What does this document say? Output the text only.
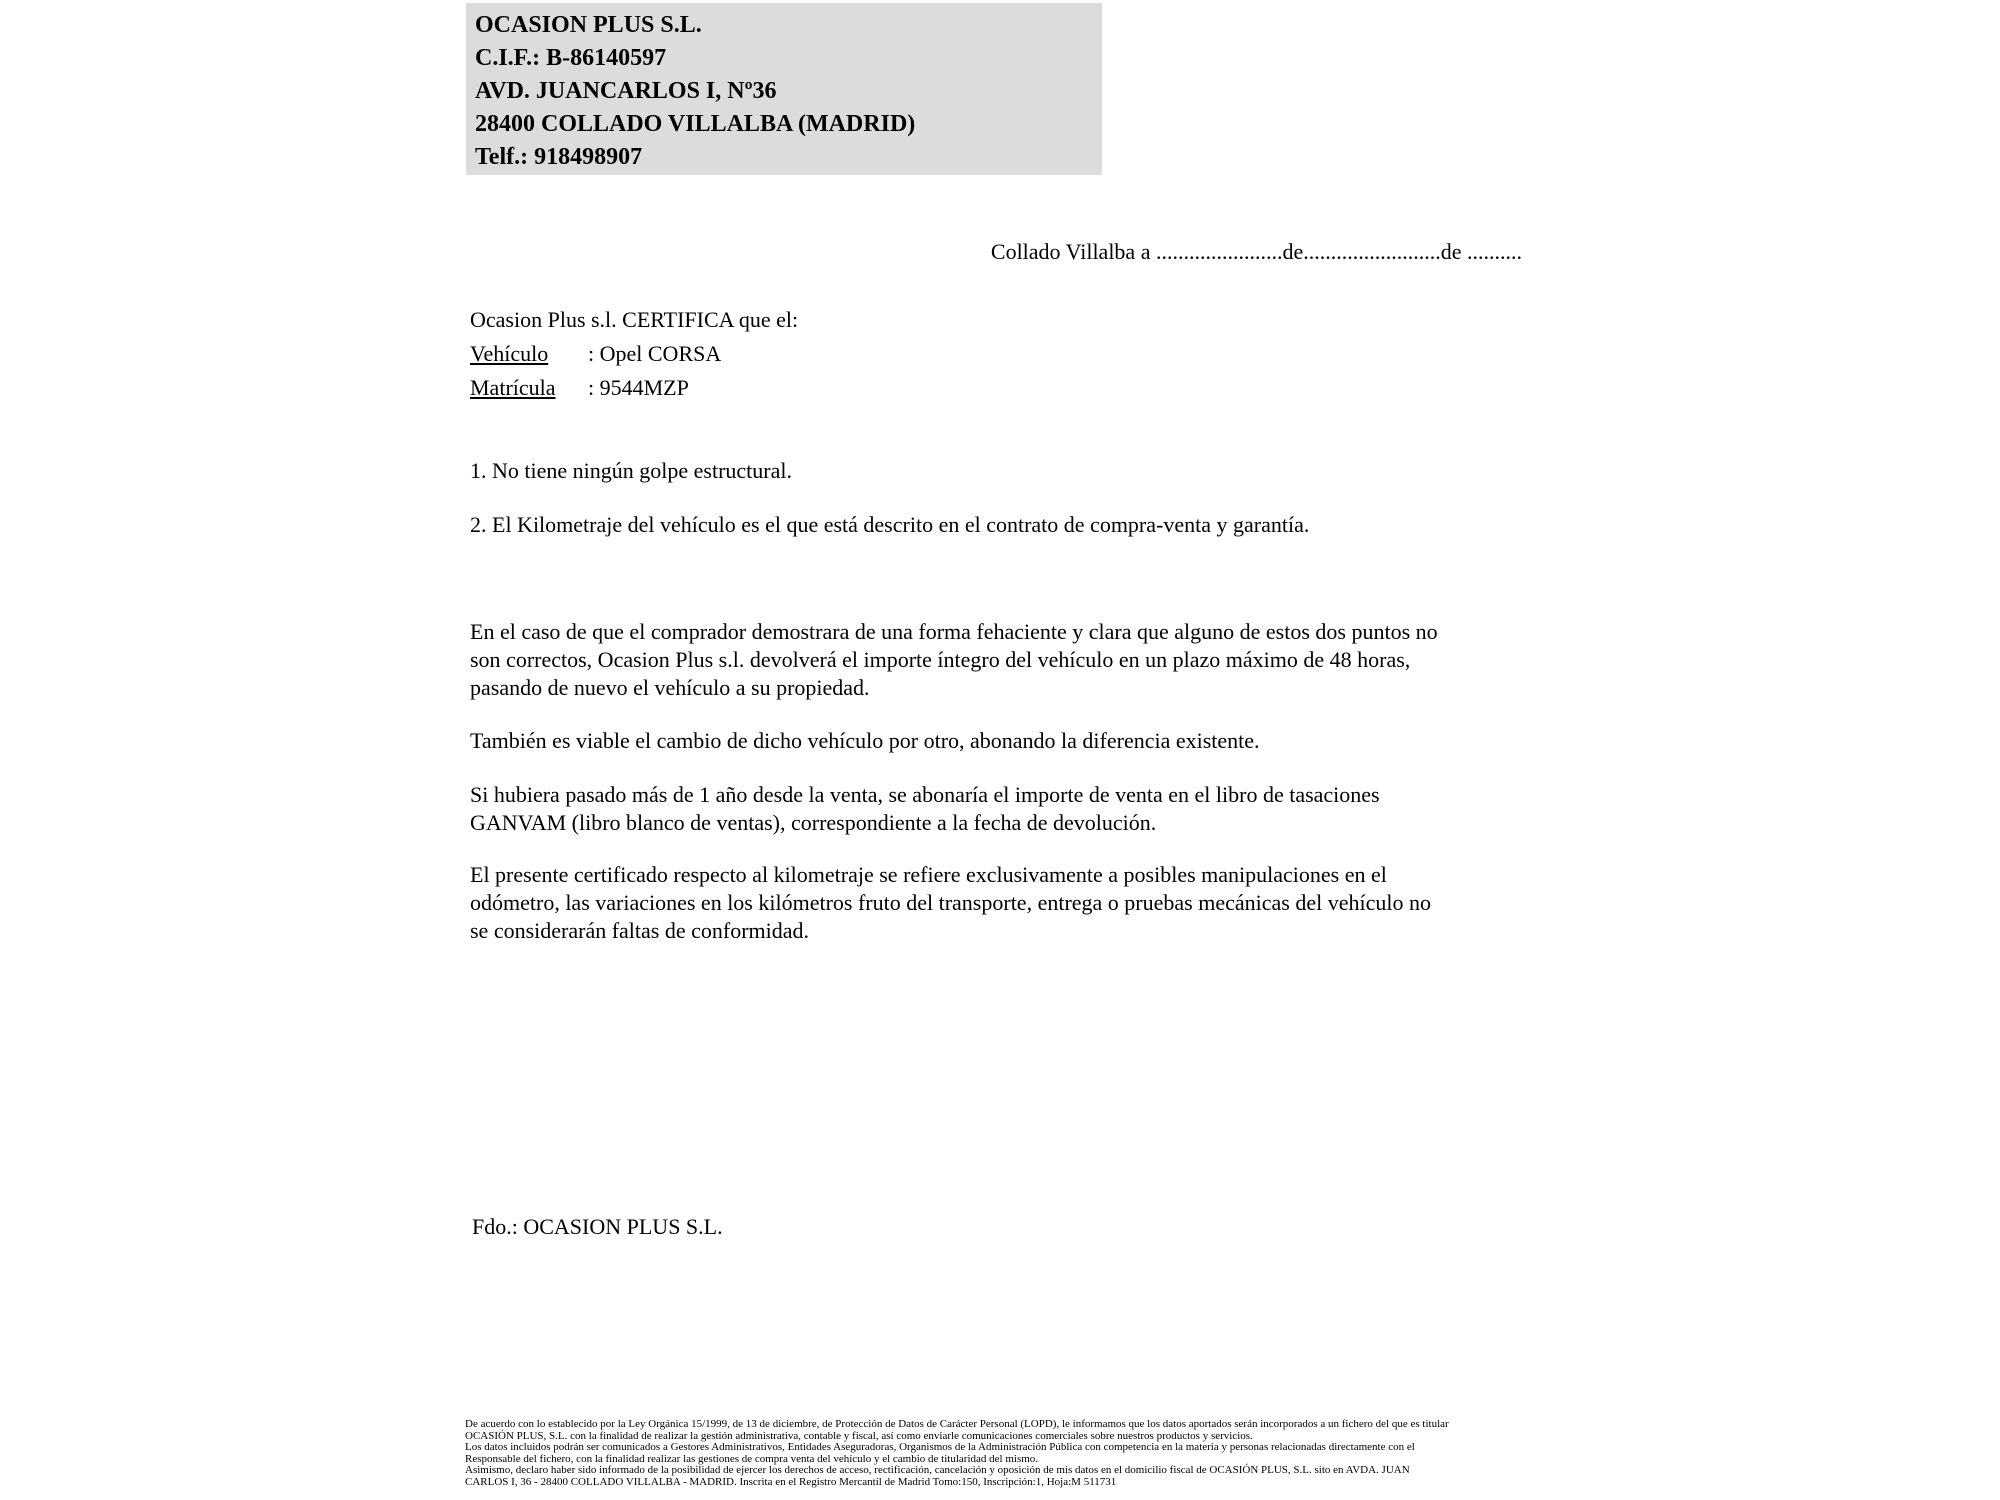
OCASION PLUS S.L.
C.I.F.: B-86140597
AVD. JUANCARLOS I, Nº36
28400 COLLADO VILLALBA (MADRID)
Telf.: 918498907
Collado Villalba a .......................de.........................de ..........
Ocasion Plus s.l. CERTIFICA que el:
Vehículo : Opel CORSA
Matrícula : 9544MZP
1. No tiene ningún golpe estructural.
2. El Kilometraje del vehículo es el que está descrito en el contrato de compra-venta y garantía.
En el caso de que el comprador demostrara de una forma fehaciente y clara que alguno de estos dos puntos no
son correctos, Ocasion Plus s.l. devolverá el importe íntegro del vehículo en un plazo máximo de 48 horas,
pasando de nuevo el vehículo a su propiedad.
También es viable el cambio de dicho vehículo por otro, abonando la diferencia existente.
Si hubiera pasado más de 1 año desde la venta, se abonaría el importe de venta en el libro de tasaciones
GANVAM (libro blanco de ventas), correspondiente a la fecha de devolución.
El presente certificado respecto al kilometraje se refiere exclusivamente a posibles manipulaciones en el
odómetro, las variaciones en los kilómetros fruto del transporte, entrega o pruebas mecánicas del vehículo no
se considerarán faltas de conformidad.
Fdo.: OCASION PLUS S.L.
De acuerdo con lo establecido por la Ley Orgánica 15/1999, de 13 de diciembre, de Protección de Datos de Carácter Personal (LOPD), le informamos que los datos aportados serán incorporados a un fichero del que es titular
OCASIÓN PLUS, S.L. con la finalidad de realizar la gestión administrativa, contable y fiscal, así como enviarle comunicaciones comerciales sobre nuestros productos y servicios.
Los datos incluidos podrán ser comunicados a Gestores Administrativos, Entidades Aseguradoras, Organismos de la Administración Pública con competencia en la materia y personas relacionadas directamente con el
Responsable del fichero, con la finalidad realizar las gestiones de compra venta del vehículo y el cambio de titularidad del mismo.
Asimismo, declaro haber sido informado de la posibilidad de ejercer los derechos de acceso, rectificación, cancelación y oposición de mis datos en el domicilio fiscal de OCASIÓN PLUS, S.L. sito en AVDA. JUAN
CARLOS I, 36 - 28400 COLLADO VILLALBA - MADRID. Inscrita en el Registro Mercantil de Madrid Tomo:150, Inscripción:1, Hoja:M 511731
